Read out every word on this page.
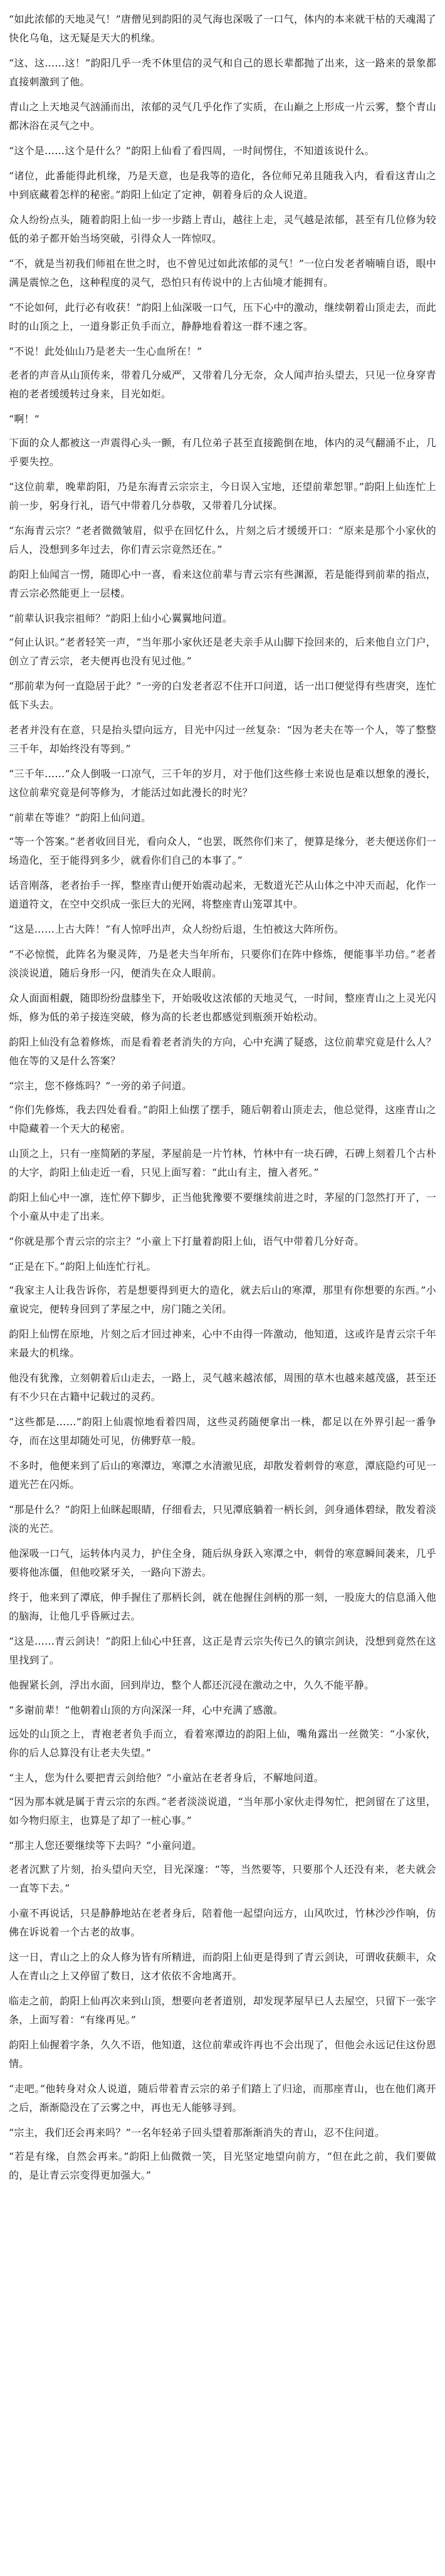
“如此浓郁的天地灵气！”唐僧见到韵阳的灵气海也深吸了一口气，体内的本来就干枯的天魂渴了快化乌龟，这无疑是天大的机缘。

“这、这……这！”韵阳几乎一秃不休里信的灵气和自己的恩长辈都抛了出来，这一路来的景象都直接刺激到了他。

青山之上天地灵气汹涌而出，浓郁的灵气几乎化作了实质，在山巅之上形成一片云雾，整个青山都沐浴在灵气之中。

“这个是……这个是什么？”韵阳上仙看了看四周，一时间愣住，不知道该说什么。

“诸位，此番能得此机缘，乃是天意，也是我等的造化，各位师兄弟且随我入内，看看这青山之中到底藏着怎样的秘密。”韵阳上仙定了定神，朝着身后的众人说道。

众人纷纷点头，随着韵阳上仙一步一步踏上青山，越往上走，灵气越是浓郁，甚至有几位修为较低的弟子都开始当场突破，引得众人一阵惊叹。

“不，就是当初我们师祖在世之时，也不曾见过如此浓郁的灵气！”一位白发老者喃喃自语，眼中满是震惊之色，这种程度的灵气，恐怕只有传说中的上古仙境才能拥有。

“不论如何，此行必有收获！”韵阳上仙深吸一口气，压下心中的激动，继续朝着山顶走去，而此时的山顶之上，一道身影正负手而立，静静地看着这一群不速之客。

“不说！此处仙山乃是老夫一生心血所在！”

老者的声音从山顶传来，带着几分威严，又带着几分无奈，众人闻声抬头望去，只见一位身穿青袍的老者缓缓转过身来，目光如炬。

“啊！”

下面的众人都被这一声震得心头一颤，有几位弟子甚至直接跪倒在地，体内的灵气翻涌不止，几乎要失控。

“这位前辈，晚辈韵阳，乃是东海青云宗宗主，今日误入宝地，还望前辈恕罪。”韵阳上仙连忙上前一步，躬身行礼，语气中带着几分恭敬，又带着几分试探。

“东海青云宗？”老者微微皱眉，似乎在回忆什么，片刻之后才缓缓开口：“原来是那个小家伙的后人，没想到多年过去，你们青云宗竟然还在。”

韵阳上仙闻言一愣，随即心中一喜，看来这位前辈与青云宗有些渊源，若是能得到前辈的指点，青云宗必然能更上一层楼。

“前辈认识我宗祖师？”韵阳上仙小心翼翼地问道。

“何止认识。”老者轻笑一声，“当年那小家伙还是老夫亲手从山脚下捡回来的，后来他自立门户，创立了青云宗，老夫便再也没有见过他。”

“那前辈为何一直隐居于此？”一旁的白发老者忍不住开口问道，话一出口便觉得有些唐突，连忙低下头去。

老者并没有在意，只是抬头望向远方，目光中闪过一丝复杂：“因为老夫在等一个人，等了整整三千年，却始终没有等到。”

“三千年……”众人倒吸一口凉气，三千年的岁月，对于他们这些修士来说也是难以想象的漫长，这位前辈究竟是何等修为，才能活过如此漫长的时光？

“前辈在等谁？”韵阳上仙问道。

“等一个答案。”老者收回目光，看向众人，“也罢，既然你们来了，便算是缘分，老夫便送你们一场造化，至于能得到多少，就看你们自己的本事了。”

话音刚落，老者抬手一挥，整座青山便开始震动起来，无数道光芒从山体之中冲天而起，化作一道道符文，在空中交织成一张巨大的光网，将整座青山笼罩其中。

“这是……上古大阵！”有人惊呼出声，众人纷纷后退，生怕被这大阵所伤。

“不必惊慌，此阵名为聚灵阵，乃是老夫当年所布，只要你们在阵中修炼，便能事半功倍。”老者淡淡说道，随后身形一闪，便消失在众人眼前。

众人面面相觑，随即纷纷盘膝坐下，开始吸收这浓郁的天地灵气，一时间，整座青山之上灵光闪烁，修为低的弟子接连突破，修为高的长老也都感觉到瓶颈开始松动。

韵阳上仙没有急着修炼，而是看着老者消失的方向，心中充满了疑惑，这位前辈究竟是什么人？他在等的又是什么答案？

“宗主，您不修炼吗？”一旁的弟子问道。

“你们先修炼，我去四处看看。”韵阳上仙摆了摆手，随后朝着山顶走去，他总觉得，这座青山之中隐藏着一个天大的秘密。

山顶之上，只有一座简陋的茅屋，茅屋前是一片竹林，竹林中有一块石碑，石碑上刻着几个古朴的大字，韵阳上仙走近一看，只见上面写着：“此山有主，擅入者死。”

韵阳上仙心中一凛，连忙停下脚步，正当他犹豫要不要继续前进之时，茅屋的门忽然打开了，一个小童从中走了出来。

“你就是那个青云宗的宗主？”小童上下打量着韵阳上仙，语气中带着几分好奇。

“正是在下。”韵阳上仙连忙行礼。

“我家主人让我告诉你，若是想要得到更大的造化，就去后山的寒潭，那里有你想要的东西。”小童说完，便转身回到了茅屋之中，房门随之关闭。

韵阳上仙愣在原地，片刻之后才回过神来，心中不由得一阵激动，他知道，这或许是青云宗千年来最大的机缘。

他没有犹豫，立刻朝着后山走去，一路上，灵气越来越浓郁，周围的草木也越来越茂盛，甚至还有不少只在古籍中记载过的灵药。

“这些都是……”韵阳上仙震惊地看着四周，这些灵药随便拿出一株，都足以在外界引起一番争夺，而在这里却随处可见，仿佛野草一般。

不多时，他便来到了后山的寒潭边，寒潭之水清澈见底，却散发着刺骨的寒意，潭底隐约可见一道光芒在闪烁。

“那是什么？”韵阳上仙眯起眼睛，仔细看去，只见潭底躺着一柄长剑，剑身通体碧绿，散发着淡淡的光芒。

他深吸一口气，运转体内灵力，护住全身，随后纵身跃入寒潭之中，刺骨的寒意瞬间袭来，几乎要将他冻僵，但他咬紧牙关，一路向下游去。

终于，他来到了潭底，伸手握住了那柄长剑，就在他握住剑柄的那一刻，一股庞大的信息涌入他的脑海，让他几乎昏厥过去。

“这是……青云剑诀！”韵阳上仙心中狂喜，这正是青云宗失传已久的镇宗剑诀，没想到竟然在这里找到了。

他握紧长剑，浮出水面，回到岸边，整个人都还沉浸在激动之中，久久不能平静。

“多谢前辈！”他朝着山顶的方向深深一拜，心中充满了感激。

远处的山顶之上，青袍老者负手而立，看着寒潭边的韵阳上仙，嘴角露出一丝微笑：“小家伙，你的后人总算没有让老夫失望。”

“主人，您为什么要把青云剑给他？”小童站在老者身后，不解地问道。

“因为那本就是属于青云宗的东西。”老者淡淡说道，“当年那小家伙走得匆忙，把剑留在了这里，如今物归原主，也算是了却了一桩心事。”

“那主人您还要继续等下去吗？”小童问道。

老者沉默了片刻，抬头望向天空，目光深邃：“等，当然要等，只要那个人还没有来，老夫就会一直等下去。”

小童不再说话，只是静静地站在老者身后，陪着他一起望向远方，山风吹过，竹林沙沙作响，仿佛在诉说着一个古老的故事。

这一日，青山之上的众人修为皆有所精进，而韵阳上仙更是得到了青云剑诀，可谓收获颇丰，众人在青山之上又停留了数日，这才依依不舍地离开。

临走之前，韵阳上仙再次来到山顶，想要向老者道别，却发现茅屋早已人去屋空，只留下一张字条，上面写着：“有缘再见。”

韵阳上仙握着字条，久久不语，他知道，这位前辈或许再也不会出现了，但他会永远记住这份恩情。

“走吧。”他转身对众人说道，随后带着青云宗的弟子们踏上了归途，而那座青山，也在他们离开之后，渐渐隐没在了云雾之中，再也无人能够寻到。

“宗主，我们还会再来吗？”一名年轻弟子回头望着那渐渐消失的青山，忍不住问道。

“若是有缘，自然会再来。”韵阳上仙微微一笑，目光坚定地望向前方，“但在此之前，我们要做的，是让青云宗变得更加强大。”
